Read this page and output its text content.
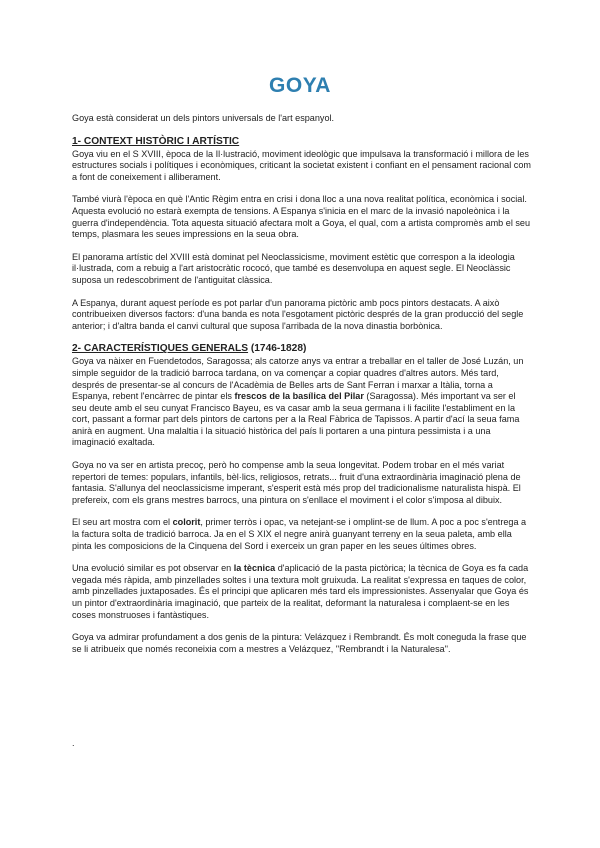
GOYA

Goya està considerat un dels pintors universals de l'art espanyol.

1- CONTEXT HISTÒRIC I ARTÍSTIC

Goya viu en el S XVIII, època de la Il·lustració, moviment ideològic que impulsava la transformació i millora de les estructures socials i polítiques i econòmiques, criticant la societat existent i confiant en el pensament racional com a font de coneixement i alliberament.

També viurà l'època en què l'Antic Règim entra en crisi i dona lloc a una nova realitat política, econòmica i social. Aquesta evolució no estarà exempta de tensions. A Espanya s'inicia en el marc de la invasió napoleònica i la guerra d'independència. Tota aquesta situació afectara molt a Goya, el qual, com a artista compromès amb el seu temps, plasmara les seues impressions en la seua obra.

El panorama artístic del XVIII està dominat pel Neoclassicisme, moviment estètic que correspon a la ideologia il·lustrada, com a rebuig a l'art aristocràtic rococó, que també es desenvolupa en aquest segle. El Neoclàssic suposa un redescobriment de l'antiguitat clàssica.

A Espanya, durant aquest període es pot parlar d'un panorama pictòric amb pocs pintors destacats. A això contribueixen diversos factors: d'una banda es nota l'esgotament pictòric després de la gran producció del segle anterior; i d'altra banda el canvi cultural que suposa l'arribada de la nova dinastia borbònica.

2- CARACTERÍSTIQUES GENERALS (1746-1828)

Goya va nàixer en Fuendetodos, Saragossa; als catorze anys va entrar a treballar en el taller de José Luzán, un simple seguidor de la tradició barroca tardana, on va començar a copiar quadres d'altres autors. Més tard, després de presentar-se al concurs de l'Acadèmia de Belles arts de Sant Ferran i marxar a Itàlia, torna a Espanya, rebent l'encàrrec de pintar els frescos de la basílica del Pilar (Saragossa). Més important va ser el seu deute amb el seu cunyat Francisco Bayeu, es va casar amb la seua germana i li facilite l'establiment en la cort, passant a formar part dels pintors de cartons per a la Real Fàbrica de Tapissos. A partir d'ací la seua fama anirà en augment. Una malaltia i la situació històrica del país li portaren a una pintura pessimista i a una imaginació exaltada.

Goya no va ser en artista precoç, però ho compense amb la seua longevitat. Podem trobar en el més variat repertori de temes: populars, infantils, bèl·lics, religiosos, retrats... fruit d'una extraordinària imaginació plena de fantasia. S'allunya del neoclassicisme imperant, s'esperit està més prop del tradicionalisme naturalista hispà. El prefereix, com els grans mestres barrocs, una pintura on s'enllace el moviment i el color s'imposa al dibuix.

El seu art mostra com el colorit, primer terròs i opac, va netejant-se i omplint-se de llum. A poc a poc s'entrega a la factura solta de tradició barroca. Ja en el S XIX el negre anirà guanyant terreny en la seua paleta, amb ella pinta les composicions de la Cinquena del Sord i exerceix un gran paper en les seues últimes obres.

Una evolució similar es pot observar en la tècnica d'aplicació de la pasta pictòrica; la tècnica de Goya es fa cada vegada més ràpida, amb pinzellades soltes i una textura molt gruixuda. La realitat s'expressa en taques de color, amb pinzellades juxtaposades. És el principi que aplicaren més tard els impressionistes. Assenyalar que Goya és un pintor d'extraordinària imaginació, que parteix de la realitat, deformant la naturalesa i complaent-se en les coses monstruoses i fantàstiques.

Goya va admirar profundament a dos genis de la pintura: Velázquez i Rembrandt. És molt coneguda la frase que se li atribueix que només reconeixia com a mestres a Velázquez, "Rembrandt i la Naturalesa".

.
